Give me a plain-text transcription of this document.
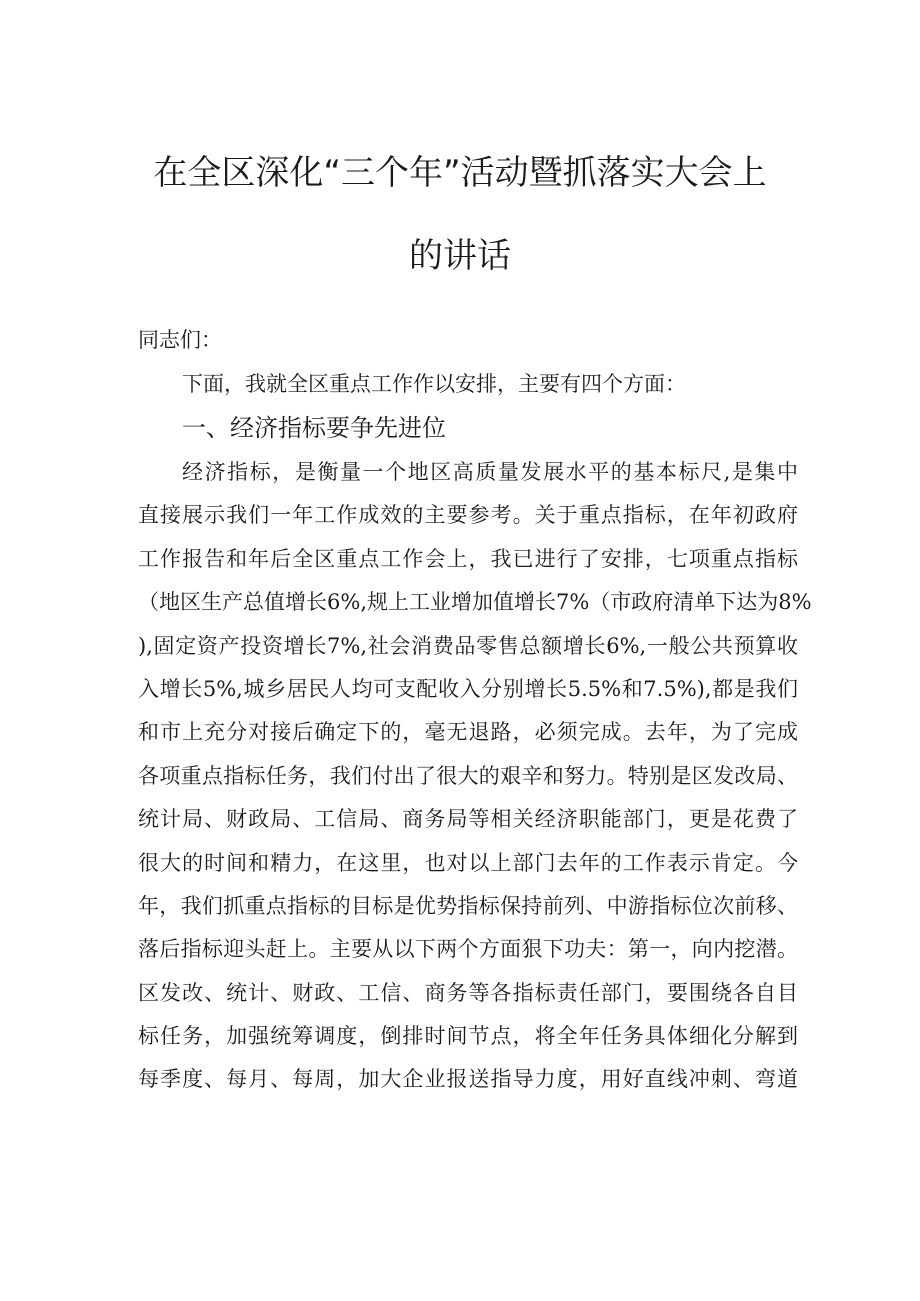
在全区深化“三个年”活动暨抓落实大会上
的讲话
同志们：
下面，我就全区重点工作作以安排，主要有四个方面：
一、经济指标要争先进位
经济指标，是衡量一个地区高质量发展水平的基本标尺,是集中
直接展示我们一年工作成效的主要参考。关于重点指标，在年初政府
工作报告和年后全区重点工作会上，我已进行了安排，七项重点指标
（地区生产总值增长6%,规上工业增加值增长7%（市政府清单下达为8%
),固定资产投资增长7%,社会消费品零售总额增长6%,一般公共预算收
入增长5%,城乡居民人均可支配收入分别增长5.5%和7.5%),都是我们
和市上充分对接后确定下的，毫无退路，必须完成。去年，为了完成
各项重点指标任务，我们付出了很大的艰辛和努力。特别是区发改局、
统计局、财政局、工信局、商务局等相关经济职能部门，更是花费了
很大的时间和精力，在这里，也对以上部门去年的工作表示肯定。今
年，我们抓重点指标的目标是优势指标保持前列、中游指标位次前移、
落后指标迎头赶上。主要从以下两个方面狠下功夫：第一，向内挖潜。
区发改、统计、财政、工信、商务等各指标责任部门，要围绕各自目
标任务，加强统筹调度，倒排时间节点，将全年任务具体细化分解到
每季度、每月、每周，加大企业报送指导力度，用好直线冲刺、弯道
